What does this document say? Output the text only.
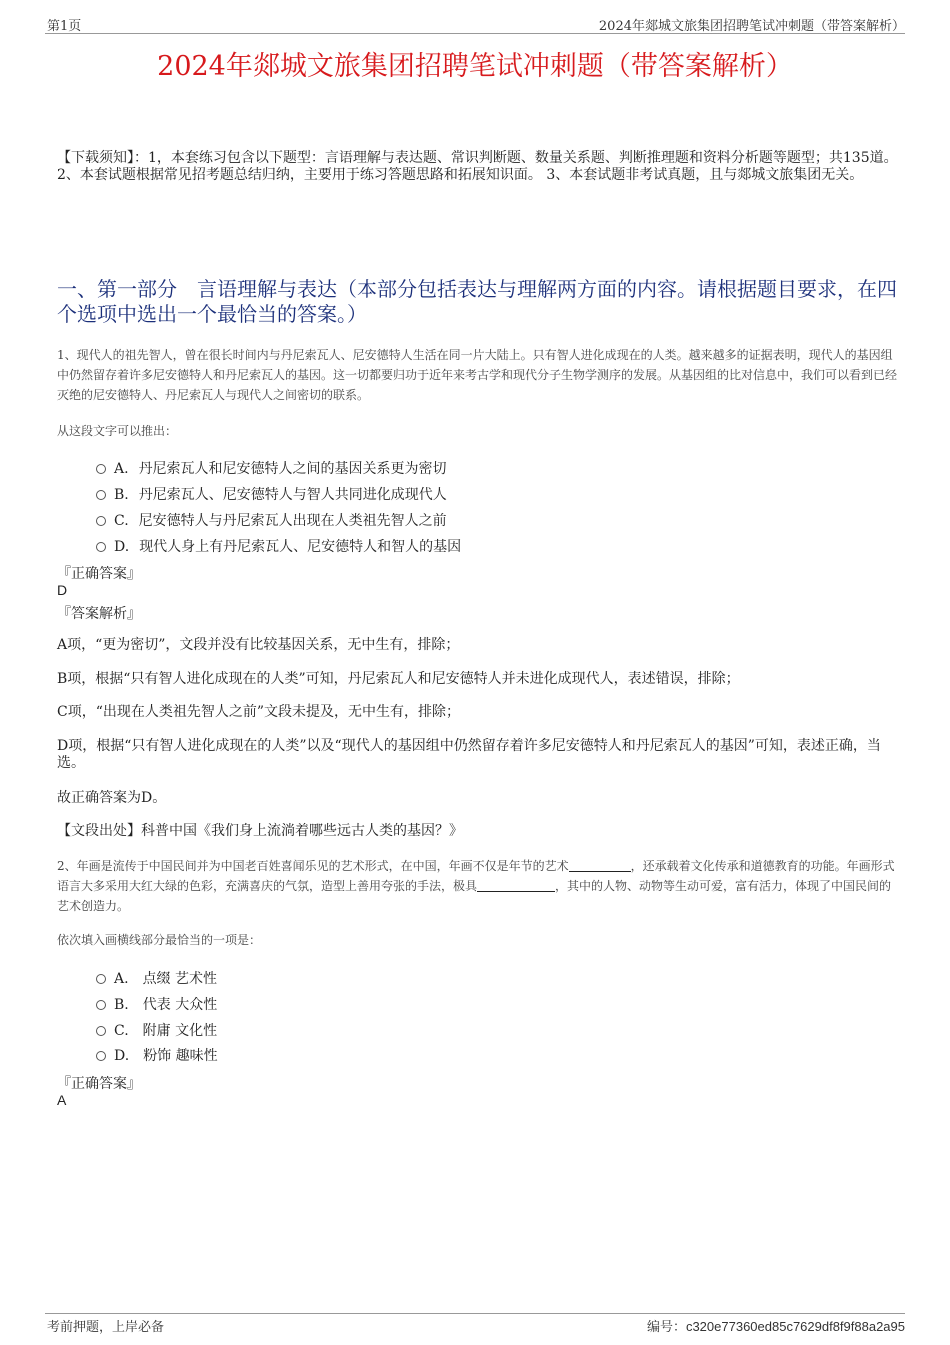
第1页	2024年郯城文旅集团招聘笔试冲刺题（带答案解析）
2024年郯城文旅集团招聘笔试冲刺题（带答案解析）
【下载须知】：1，本套练习包含以下题型：言语理解与表达题、常识判断题、数量关系题、判断推理题和资料分析题等题型；共135道。 2、本套试题根据常见招考题总结归纳，主要用于练习答题思路和拓展知识面。 3、本套试题非考试真题，且与郯城文旅集团无关。
一、第一部分　言语理解与表达（本部分包括表达与理解两方面的内容。请根据题目要求，在四个选项中选出一个最恰当的答案。）
1、现代人的祖先智人，曾在很长时间内与丹尼索瓦人、尼安德特人生活在同一片大陆上。只有智人进化成现在的人类。越来越多的证据表明，现代人的基因组中仍然留存着许多尼安德特人和丹尼索瓦人的基因。这一切都要归功于近年来考古学和现代分子生物学测序的发展。从基因组的比对信息中，我们可以看到已经灭绝的尼安德特人、丹尼索瓦人与现代人之间密切的联系。
从这段文字可以推出：
A. 丹尼索瓦人和尼安德特人之间的基因关系更为密切
B. 丹尼索瓦人、尼安德特人与智人共同进化成现代人
C. 尼安德特人与丹尼索瓦人出现在人类祖先智人之前
D. 现代人身上有丹尼索瓦人、尼安德特人和智人的基因
『正确答案』
D
『答案解析』
A项，“更为密切”，文段并没有比较基因关系，无中生有，排除；
B项，根据“只有智人进化成现在的人类”可知，丹尼索瓦人和尼安德特人并未进化成现代人，表述错误，排除；
C项，“出现在人类祖先智人之前”文段未提及，无中生有，排除；
D项，根据“只有智人进化成现在的人类”以及“现代人的基因组中仍然留存着许多尼安德特人和丹尼索瓦人的基因”可知，表述正确，当选。
故正确答案为D。
【文段出处】科普中国《我们身上流淌着哪些远古人类的基因？》
2、年画是流传于中国民间并为中国老百姓喜闻乐见的艺术形式，在中国，年画不仅是年节的艺术	，还承载着文化传承和道德教育的功能。年画形式语言大多采用大红大绿的色彩，充满喜庆的气氛，造型上善用夸张的手法，极具	，其中的人物、动物等生动可爱，富有活力，体现了中国民间的艺术创造力。
依次填入画横线部分最恰当的一项是：
A. 点缀 艺术性
B. 代表 大众性
C. 附庸 文化性
D. 粉饰 趣味性
『正确答案』
A
考前押题，上岸必备	编号：c320e77360ed85c7629df8f9f88a2a95
